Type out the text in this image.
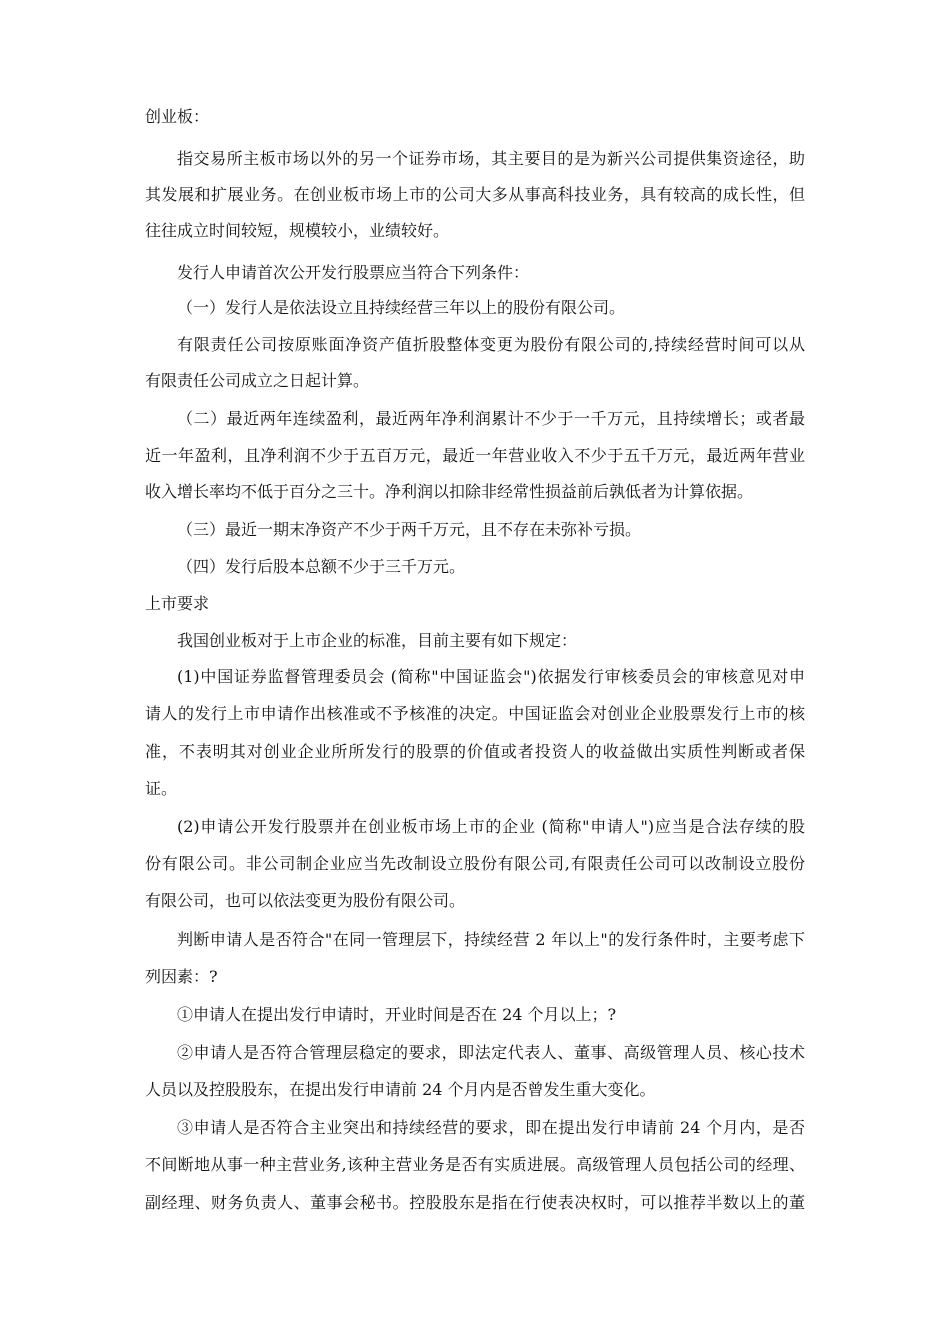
创业板：
指交易所主板市场以外的另一个证券市场，其主要目的是为新兴公司提供集资途径，助
其发展和扩展业务。在创业板市场上市的公司大多从事高科技业务，具有较高的成长性，但
往往成立时间较短，规模较小，业绩较好。
发行人申请首次公开发行股票应当符合下列条件：
（一）发行人是依法设立且持续经营三年以上的股份有限公司。
有限责任公司按原账面净资产值折股整体变更为股份有限公司的,持续经营时间可以从
有限责任公司成立之日起计算。
（二）最近两年连续盈利，最近两年净利润累计不少于一千万元，且持续增长；或者最
近一年盈利，且净利润不少于五百万元，最近一年营业收入不少于五千万元，最近两年营业
收入增长率均不低于百分之三十。净利润以扣除非经常性损益前后孰低者为计算依据。
（三）最近一期末净资产不少于两千万元，且不存在未弥补亏损。
（四）发行后股本总额不少于三千万元。
上市要求
我国创业板对于上市企业的标准，目前主要有如下规定：
(1)中国证券监督管理委员会 (简称"中国证监会")依据发行审核委员会的审核意见对申
请人的发行上市申请作出核准或不予核准的决定。中国证监会对创业企业股票发行上市的核
准，不表明其对创业企业所所发行的股票的价值或者投资人的收益做出实质性判断或者保
证。
(2)申请公开发行股票并在创业板市场上市的企业 (简称"申请人")应当是合法存续的股
份有限公司。非公司制企业应当先改制设立股份有限公司,有限责任公司可以改制设立股份
有限公司，也可以依法变更为股份有限公司。
判断申请人是否符合"在同一管理层下，持续经营 2 年以上"的发行条件时，主要考虑下
列因素：?
①申请人在提出发行申请时，开业时间是否在 24 个月以上；?
②申请人是否符合管理层稳定的要求，即法定代表人、董事、高级管理人员、核心技术
人员以及控股股东，在提出发行申请前 24 个月内是否曾发生重大变化。
③申请人是否符合主业突出和持续经营的要求，即在提出发行申请前 24 个月内，是否
不间断地从事一种主营业务,该种主营业务是否有实质进展。高级管理人员包括公司的经理、
副经理、财务负责人、董事会秘书。控股股东是指在行使表决权时，可以推荐半数以上的董
